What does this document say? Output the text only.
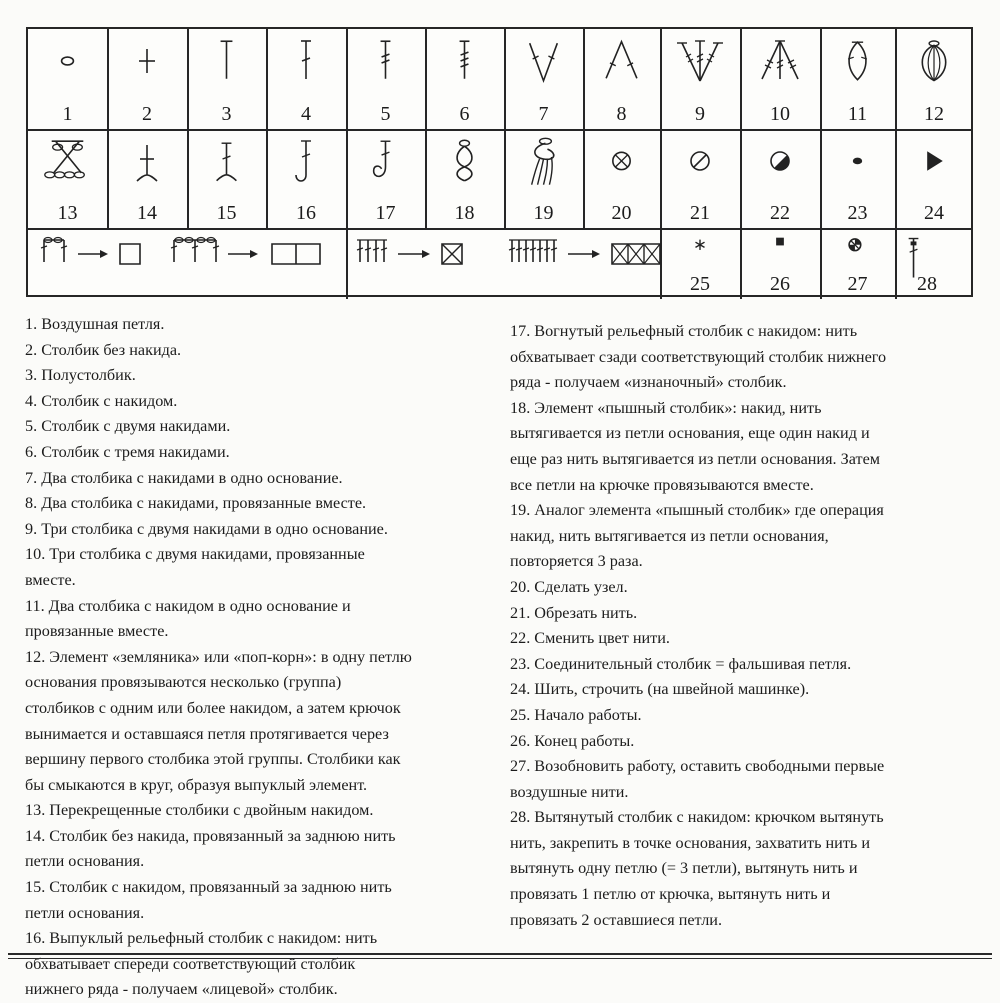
1	2	3	4	5	6	7	8	9	10	11	12
13	14	15	16	17	18	19	20	21	22	23	24
25	26	27	28

1. Воздушная петля.

2. Столбик без накида.

3. Полустолбик.

4. Столбик с накидом.

5. Столбик с двумя накидами.

6. Столбик с тремя накидами.

7. Два столбика с накидами в одно основание.

8. Два столбика с накидами, провязанные вместе.

9. Три столбика с двумя накидами в одно основание.

10. Три столбика с двумя накидами, провязанные

вместе.

11. Два столбика с накидом в одно основание и

провязанные вместе.

12. Элемент «земляника» или «поп-корн»: в одну петлю

основания провязываются несколько (группа)

столбиков с одним или более накидом, а затем крючок

вынимается и оставшаяся петля протягивается через

вершину первого столбика этой группы. Столбики как

бы смыкаются в круг, образуя выпуклый элемент.

13. Перекрещенные столбики с двойным накидом.

14. Столбик без накида, провязанный за заднюю нить

петли основания.

15. Столбик с накидом, провязанный за заднюю нить

петли основания.

16. Выпуклый рельефный столбик с накидом: нить

обхватывает спереди соответствующий столбик

нижнего ряда - получаем «лицевой» столбик.

17. Вогнутый рельефный столбик с накидом: нить

обхватывает сзади соответствующий столбик нижнего

ряда - получаем «изнаночный» столбик.

18. Элемент «пышный столбик»: накид, нить

вытягивается из петли основания, еще один накид и

еще раз нить вытягивается из петли основания. Затем

все петли на крючке провязываются вместе.

19. Аналог элемента «пышный столбик» где операция

накид, нить вытягивается из петли основания,

повторяется 3 раза.

20. Сделать узел.

21. Обрезать нить.

22. Сменить цвет нити.

23. Соединительный столбик = фальшивая петля.

24. Шить, строчить (на швейной машинке).

25. Начало работы.

26. Конец работы.

27. Возобновить работу, оставить свободными первые

воздушные нити.

28. Вытянутый столбик с накидом: крючком вытянуть

нить, закрепить в точке основания, захватить нить и

вытянуть одну петлю (= 3 петли), вытянуть нить и

провязать 1 петлю от крючка, вытянуть нить и

провязать 2 оставшиеся петли.
